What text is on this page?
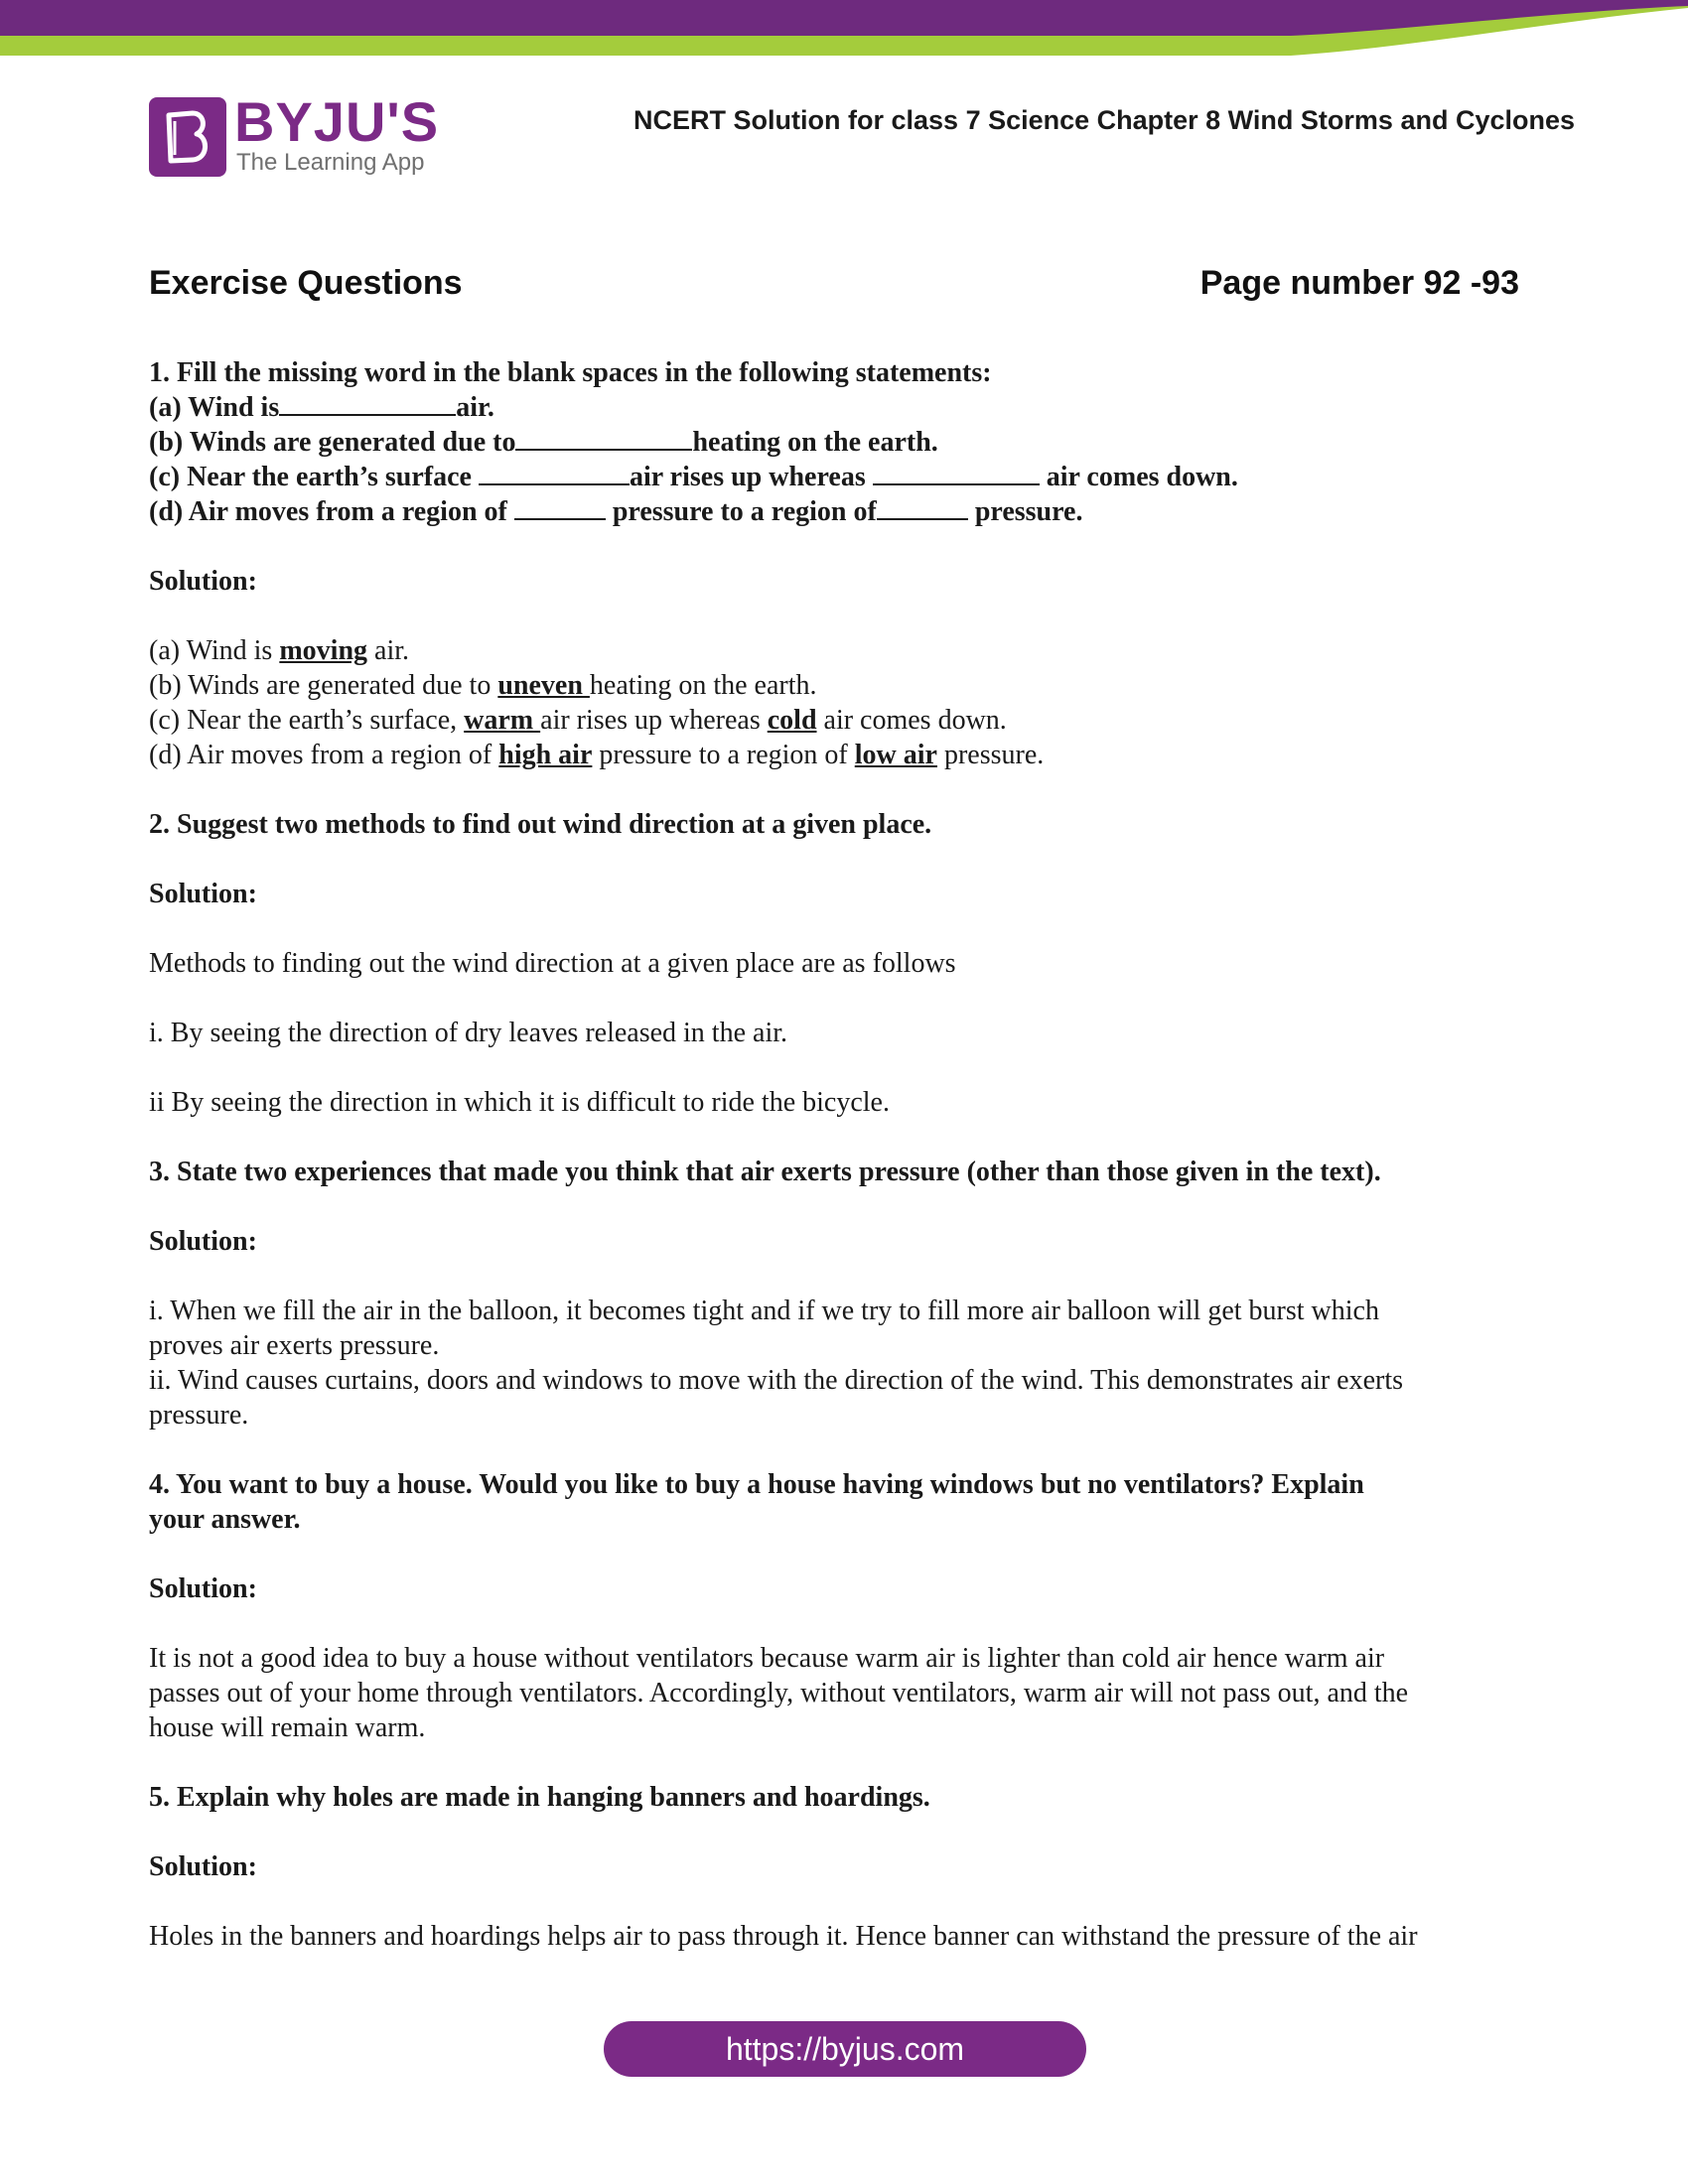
BYJU'S
The Learning App
NCERT Solution for class 7 Science Chapter 8 Wind Storms and Cyclones
Exercise Questions	Page number 92 -93

1. Fill the missing word in the blank spaces in the following statements:

(a) Wind is	air.

(b) Winds are generated due to	heating on the earth.

(c) Near the earth’s surface	air rises up whereas	air comes down.

(d) Air moves from a region of	pressure to a region of	pressure.

Solution:

(a) Wind is moving air.

(b) Winds are generated due to uneven heating on the earth.

(c) Near the earth’s surface, warm air rises up whereas cold air comes down.

(d) Air moves from a region of high air pressure to a region of low air pressure.

2. Suggest two methods to find out wind direction at a given place.

Solution:

Methods to finding out the wind direction at a given place are as follows

i. By seeing the direction of dry leaves released in the air.

ii By seeing the direction in which it is difficult to ride the bicycle.

3. State two experiences that made you think that air exerts pressure (other than those given in the text).

Solution:

i. When we fill the air in the balloon, it becomes tight and if we try to fill more air balloon will get burst which

proves air exerts pressure.

ii. Wind causes curtains, doors and windows to move with the direction of the wind. This demonstrates air exerts

pressure.

4. You want to buy a house. Would you like to buy a house having windows but no ventilators? Explain

your answer.

Solution:

It is not a good idea to buy a house without ventilators because warm air is lighter than cold air hence warm air

passes out of your home through ventilators. Accordingly, without ventilators, warm air will not pass out, and the

house will remain warm.

5. Explain why holes are made in hanging banners and hoardings.

Solution:

Holes in the banners and hoardings helps air to pass through it. Hence banner can withstand the pressure of the air

https://byjus.com
